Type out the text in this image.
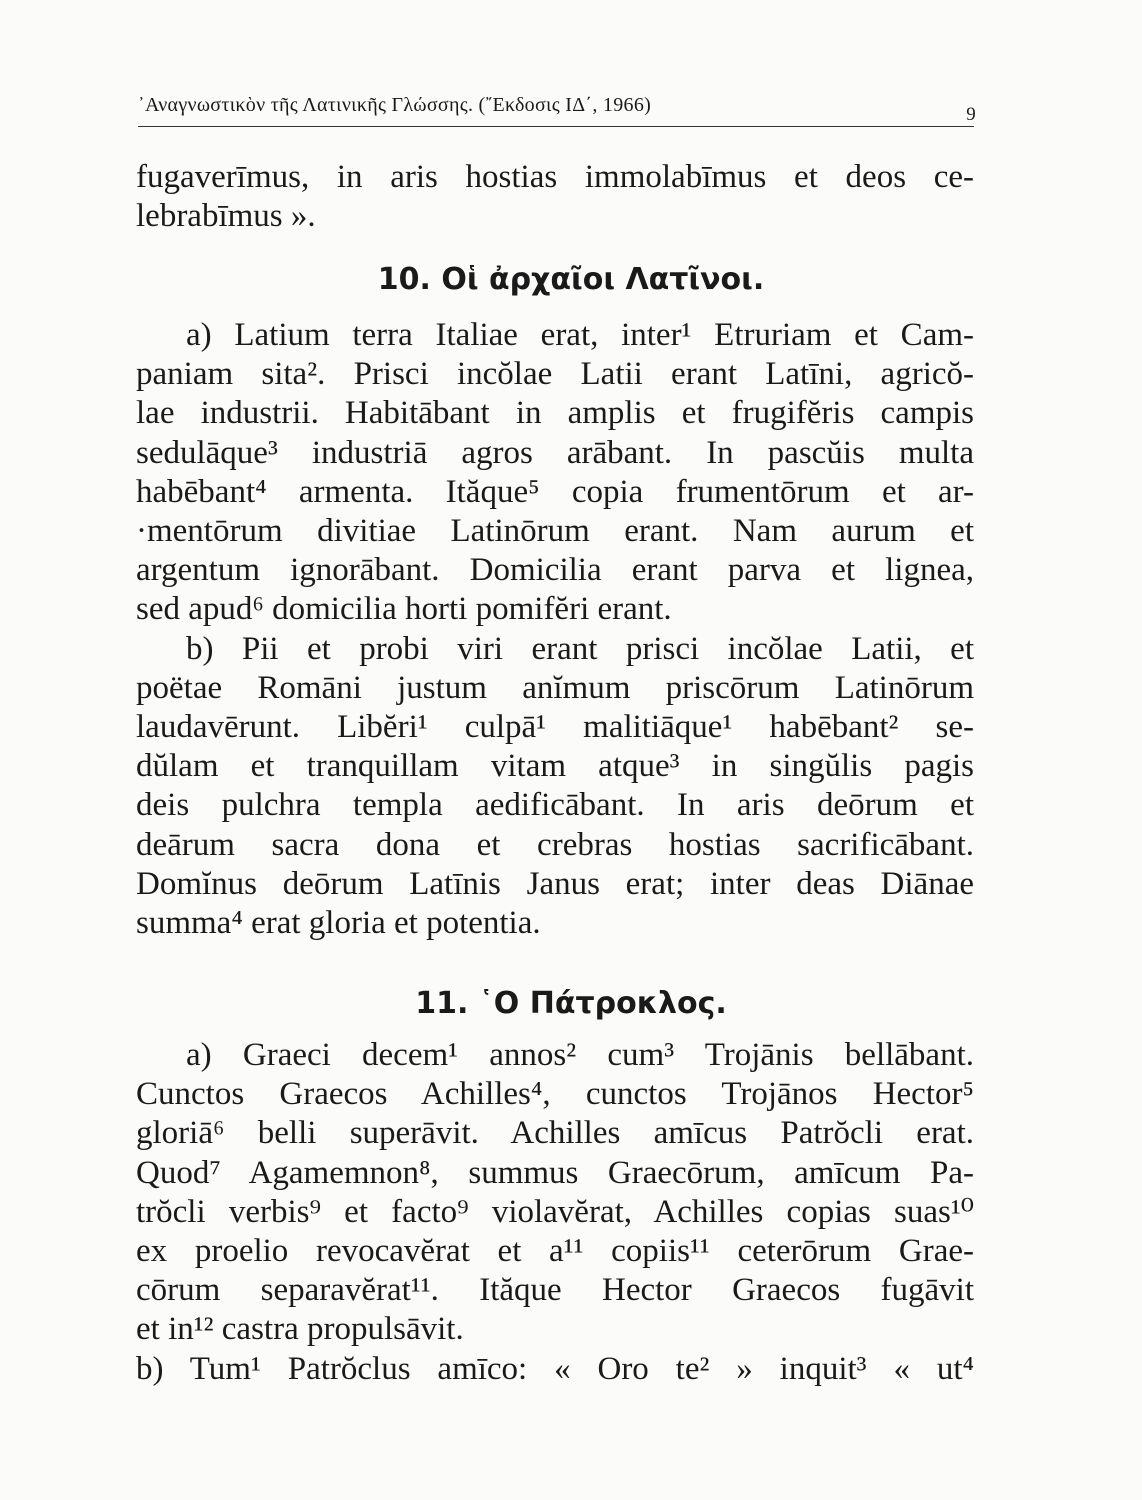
᾿Αναγνωστικὸν τῆς Λατινικῆς Γλώσσης. (῎Εκδοσις ΙΔ΄, 1966)	9
fugaverīmus, in aris hostias immolabīmus et deos ce-
lebrabīmus ».
10. Οἱ ἀρχαῖοι Λατῖνοι.
a) Latium terra Italiae erat, inter¹ Etruriam et Cam-
paniam sita². Prisci incŏlae Latii erant Latīni, agricŏ-
lae industrii. Habitābant in amplis et frugifĕris campis
sedulāque³ industriā agros arābant. In pascŭis multa
habēbant⁴ armenta. Ităque⁵ copia frumentōrum et ar-
·mentōrum divitiae Latinōrum erant. Nam aurum et
argentum ignorābant. Domicilia erant parva et lignea,
sed apud⁶ domicilia horti pomifĕri erant.
b) Pii et probi viri erant prisci incŏlae Latii, et
poëtae Romāni justum anĭmum priscōrum Latinōrum
laudavērunt. Libĕri¹ culpā¹ malitiāque¹ habēbant² se-
dŭlam et tranquillam vitam atque³ in singŭlis pagis
deis pulchra templa aedificābant. In aris deōrum et
deārum sacra dona et crebras hostias sacrificābant.
Domĭnus deōrum Latīnis Janus erat; inter deas Diānae
summa⁴ erat gloria et potentia.
11. ῾Ο Πάτροκλος.
a) Graeci decem¹ annos² cum³ Trojānis bellābant.
Cunctos Graecos Achilles⁴, cunctos Trojānos Hector⁵
gloriā⁶ belli superāvit. Achilles amīcus Patrŏcli erat.
Quod⁷ Agamemnon⁸, summus Graecōrum, amīcum Pa-
trŏcli verbis⁹ et facto⁹ violavĕrat, Achilles copias suas¹⁰
ex proelio revocavĕrat et a¹¹ copiis¹¹ ceterōrum Grae-
cōrum separavĕrat¹¹. Ităque Hector Graecos fugāvit
et in¹² castra propulsāvit.
b) Tum¹ Patrŏclus amīco: « Oro te² » inquit³ « ut⁴
